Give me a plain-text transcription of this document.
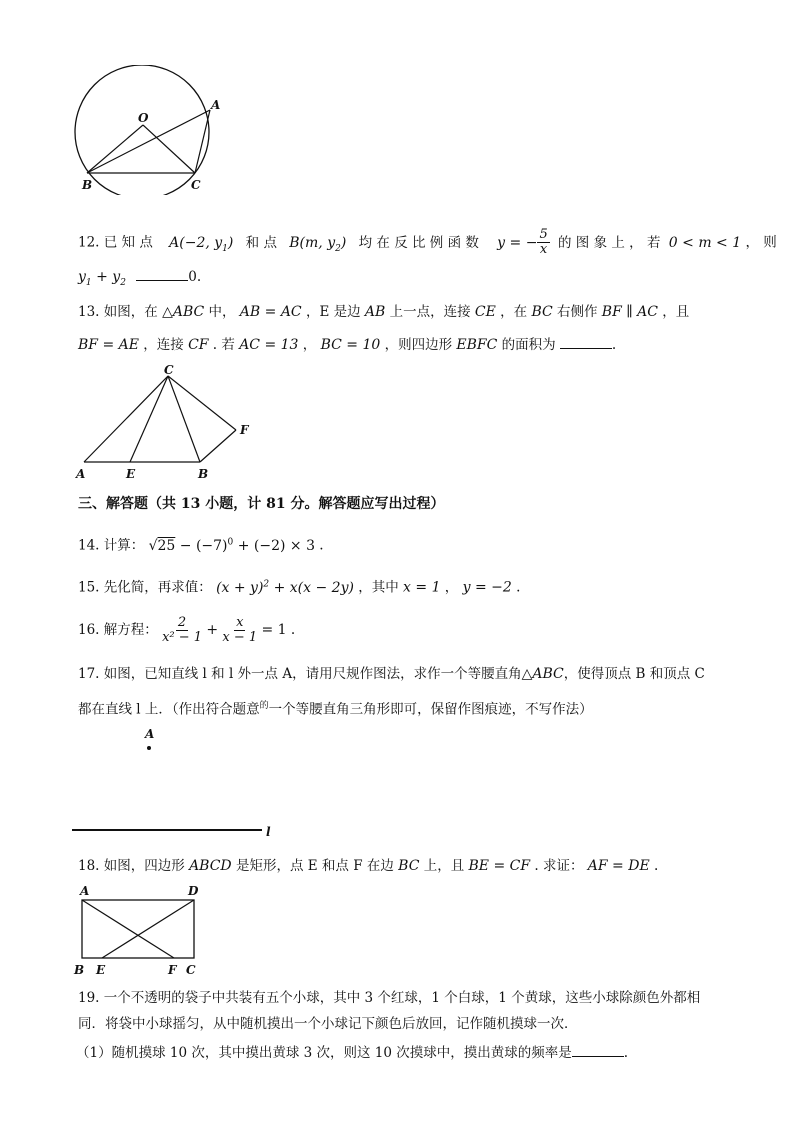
O
A
B	C
12. 已 知 点 A(−2, $y_1$) 和 点 B(m, $y_2$) 均 在 反 比 例 函 数 y = − $\frac{5}{x}$ 的 图 象 上 ， 若 0 < m < 1 ， 则
$y_1 + y_2$	0.
13. 如图，在 △ABC 中， AB = AC ，E 是边 AB 上一点，连接 CE ，在 BC 右侧作 BF ∥ AC ，且
BF = AE ，连接 CF . 若 AC = 13 ， BC = 10 ，则四边形 EBFC 的面积为	.
C
F
A	E	B
三、解答题（共 13 小题，计 81 分。解答题应写出过程）
14. 计算： $√25 - (-7)^0 + (-2) \times 3$ .
15. 先化简，再求值： $(x + y)^2 + x(x - 2y)$ ，其中 x = 1 ， y = −2 .
16. 解方程： $\frac{2}{\text{x² − 1}} + \frac{x}{x - 1} = 1$ .
17. 如图，已知直线 l 和 l 外一点 A，请用尺规作图法，求作一个等腰直角△ABC，使得顶点 B 和顶点 C
都在直线 l 上．（作出符合题意$^的$一个等腰直角三角形即可，保留作图痕迹，不写作法）
A
l
18. 如图，四边形 ABCD 是矩形，点 E 和点 F 在边 BC 上，且 BE = CF . 求证： AF = DE .
A	D
B E	F C
19. 一个不透明的袋子中共装有五个小球，其中 3 个红球，1 个白球，1 个黄球，这些小球除颜色外都相
同．将袋中小球摇匀，从中随机摸出一个小球记下颜色后放回，记作随机摸球一次．
（1）随机摸球 10 次，其中摸出黄球 3 次，则这 10 次摸球中，摸出黄球的频率是	.
